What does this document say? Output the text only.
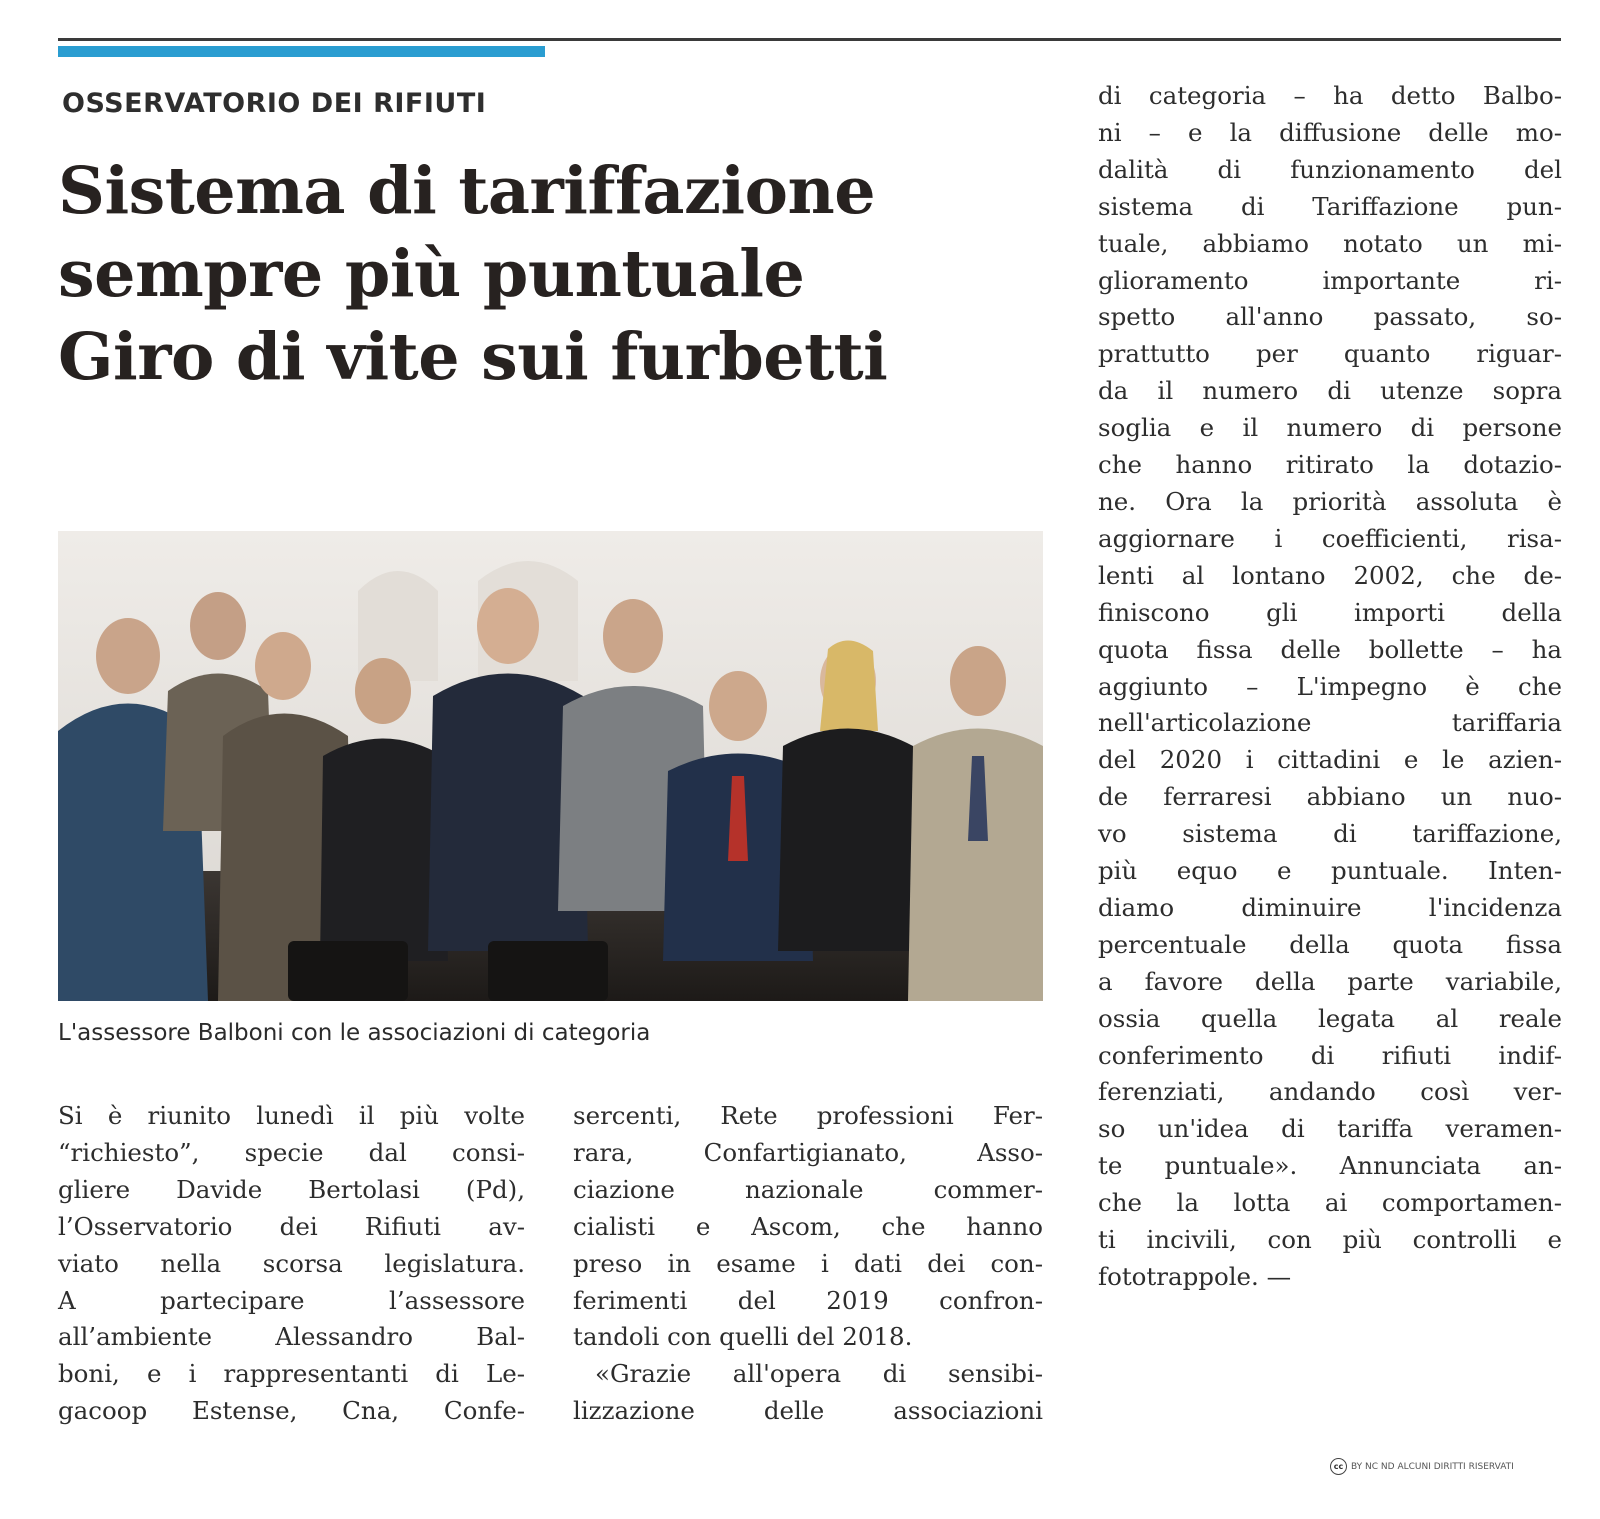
OSSERVATORIO DEI RIFIUTI
Sistema di tariffazione
sempre più puntuale
Giro di vite sui furbetti
L'assessore Balboni con le associazioni di categoria
Si è riunito lunedì il più volte
“richiesto”, specie dal consi-
gliere Davide Bertolasi (Pd),
l’Osservatorio dei Rifiuti av-
viato nella scorsa legislatura.
A partecipare l’assessore
all’ambiente Alessandro Bal-
boni, e i rappresentanti di Le-
gacoop Estense, Cna, Confe-
sercenti, Rete professioni Fer-
rara, Confartigianato, Asso-
ciazione nazionale commer-
cialisti e Ascom, che hanno
preso in esame i dati dei con-
ferimenti del 2019 confron-
tandoli con quelli del 2018.
«Grazie all'opera di sensibi-
lizzazione delle associazioni
di categoria – ha detto Balbo-
ni – e la diffusione delle mo-
dalità di funzionamento del
sistema di Tariffazione pun-
tuale, abbiamo notato un mi-
glioramento importante ri-
spetto all'anno passato, so-
prattutto per quanto riguar-
da il numero di utenze sopra
soglia e il numero di persone
che hanno ritirato la dotazio-
ne. Ora la priorità assoluta è
aggiornare i coefficienti, risa-
lenti al lontano 2002, che de-
finiscono gli importi della
quota fissa delle bollette – ha
aggiunto – L'impegno è che
nell'articolazione tariffaria
del 2020 i cittadini e le azien-
de ferraresi abbiano un nuo-
vo sistema di tariffazione,
più equo e puntuale. Inten-
diamo diminuire l'incidenza
percentuale della quota fissa
a favore della parte variabile,
ossia quella legata al reale
conferimento di rifiuti indif-
ferenziati, andando così ver-
so un'idea di tariffa veramen-
te puntuale». Annunciata an-
che la lotta ai comportamen-
ti incivili, con più controlli e
fototrappole. —
cc BY NC ND ALCUNI DIRITTI RISERVATI
